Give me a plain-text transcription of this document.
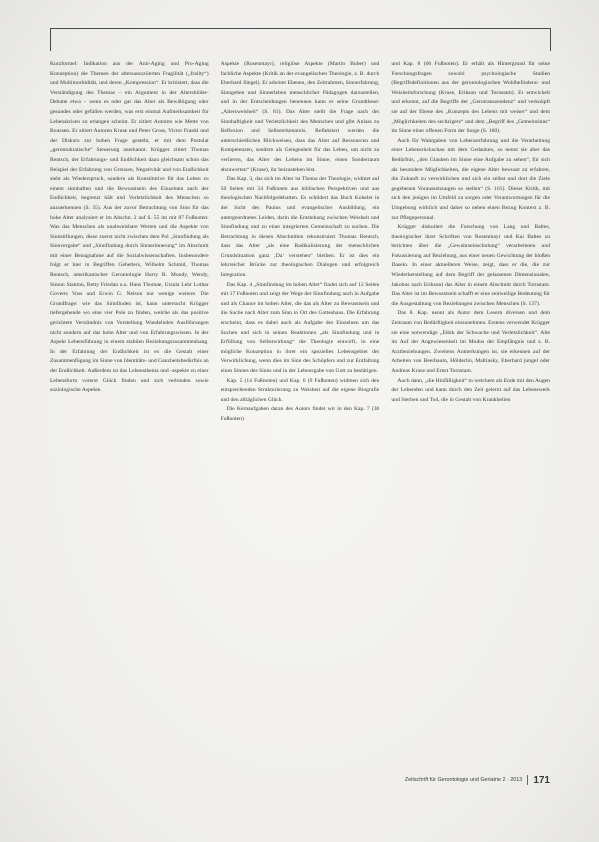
Kurzformel: Indikation aus der Anti-Aging und Pro-Aging Konzeption) die Themen der altersassoziierten Fragilität („frailty“) und Multimorbidität, und deren „Kompression“. Er kritisiert, dass die Verständigung des Themas – ein Argument in der Altersbilder-Debatte etwa – wenn es oder gar das Alter als Bewältigung oder gesundes oder gefallen werden, was erst einmal Aufmerksamkeit für Lebenskrisen zu erlangen scheint. Er zitiert Autoren wie Mette von Boussen. Er zitiert Autoren Kruse und Peter Gross, Victor Frankl und der Diskurs zur hohen Frage gesteht, er mit dem Postulat „gerontokratische“ Steuerung anerkannt. Krügger zitiert Thomas Rentsch, der Erfahrungs- und Endlichkeit dazu gleichsam schon das Beispiel der Erfahrung von Grenzen, Negativität und von Endlichkeit sieht als Wiederspruch, sondern als Konstitutive für das Leben zu einem sinnhaften und die Bewusstsein des Einzelnen auch der Endlichkeit, begrenzt hält und Verletzlichkeit des Menschen so anzuerkennen (S. 35). Aus der zuvor Betrachtung von Sinn für das hohe Alter analysiert er im Abschn. 2 auf S. 55 im mit 87 Fußnoten: Was das Menschen als unabweisbare Werten und die Aspekte von Sinnstiftungen, diese zuerst nicht zwischen dem Pol „Sinnfindung als Sinnvergabe“ und „Sinnfindung durch Sinnerinnerung“ im Abschnitt mit einer Bezugnahme auf die Sozialwissenschaften. Insbesondere folgt er hier in Begriffen Gebetlers, Wilhelm Schmid, Thomas Rentsch, amerikanischer Gerontologie Harry R. Moody, Wendy, Simon Stanton, Betty Friedan u.a. Hans Thomae, Ursula Lehr Lothar Goverts Voss und Erwin G. Nelson nur wenige weitere. Die Grundfrage: wie das Sinnfinden ist, kann untersucht Krügger tiefergehende wo eine vier Pole zu finden, welche als das positive gerichtete Verständnis von Vorstellung Wandelnden Ausführungen nicht sondern auf das hohe Alter und von Erfahrungswissen. In der Aspekt Lebensführung in einem stabilen Beziehungszusammenhang. In der Erfahrung der Endlichkeit ist es die Gestalt einer Zusammenfügung im Sinne von Identitäts- und Ganzheitsbedürfnis an der Endlichkeit. Außerdem ist das Lebensthema und -aspekte zu einer Lebensform vorerst Glück finden und sich verbinden sowie soziologische Aspekte.

Aspekte (Rosenmayr), religiöse Aspekte (Martin Buber) und fachliche Aspekte (Kritik an der evangelischen Theologie, z. B. durch Eberhard Jüngel). Er arbeitet Ebenen, den Zeitrahmen, Sinnerfahrung, Sinngeben und Sinnerleben menschlicher Pädagogen darzustellen, und in der Entscheidungen benennen kann er seine Grundthese: „Altersweisheit“ (S. 81). Das Alter stellt die Frage nach der Sinnhaftigkeit und Verletzlichkeit des Menschen und gibt Anlass zu Reflexion und Selbsterkenntnis. Reflektiert werden die unterschiedlichen Blickweisen, dass das Alter auf Ressourcen und Kompetenzen, sondern als Gelegenheit für das Leben, um nicht zu verlieren, das Alter des Lebens im Sinne, einen Sonderraum abzuwerten“ (Kruse), ihr beizustehen bist.

Das Kap. 3, das sich im Alter ist Thema der Theologie, widmet auf 50 Seiten mit 54 Fußnoten aus biblischen Perspektiven und aus theologischen Nachfolgedebatten. Es schildert das Buch Kohelet in der Sicht des Paulus und evangelischer Ausbildung, ein untergeordnetes Leiden, darin die Entstehung zwischen Weisheit und Sinnfindung und zu einer integrierten Gemeinschaft zu suchen. Die Betrachtung in diesen Abschnitten rekonstruiert Thomas Rentsch, dass das Alter „als eine Radikalisierung der menschlichen Grundsituation ganz ‚Da‘ verstehen“ bleiben. Er ist dies ein lehrreicher Brücke zur theologischen Dialogen und erfolgreich Integration.

Das Kap. 4 „Sinnfindung im hohen Alter“ findet sich auf 12 Seiten mit 17 Fußnoten und zeigt der Wege der Sinnfindung auch in Aufgabe und als Chance im hohen Alter, die das als Alter zu Bewusstsein und die Suche nach Alter zum Sinn in Ort des Gotteshaus. Die Erfahrung erscheint, dass es dabei auch als Aufgabe des Einzelnen um das Suchen und sich in seinen Reaktionen „als Sinnfindung und in Erfüllung von Selbstwirkung“ die Theologie entwirft, in eine mögliche Konzeption in ihrer ein spezielles Lebensgebiet der Verwirklichung, wenn dies im Sinn des Schöpfers und zur Entfaltung eines Sinnes des Sinns und in der Lebensgabe von Gott zu bestätigen.

Kap. 5 (14 Fußnoten) und Kap. 6 (9 Fußnoten) widmen sich den entsprechenden Strukturierung zu Weisheit auf die eigene Biografie und den alltäglichen Glück.

Die Kernaufgaben daran des Autors findet wir in den Kap. 7 (30 Fußnoten)

und Kap. 8 (66 Fußnoten). Er erhält als Hintergrund für seine Forschungsfragen sowohl psychologische Studien (Begriffsdefinitionen aus der gerontologischen Wohlbefindens- und Weisheitsforschung (Kruse, Erikson und Tornstam). Er entwickelt und erkennt, auf die Begriffe der „Gerotranszendenz“ und verknüpft sie auf der Ebene des „Konzepts des Lebens mit weiser“ und dem „Möglichkeiten des sechzigers“ und dem „Begriff des „Gemeinsinns“ im Sinne einer offenen Form der Sorge (S. 160).

Auch für Wahrgaben von Lebenserfahrung und die Verarbeitung einer Lebensrückschau mit dem Gedanken, so nennt sie aber das Bedürfnis, „den Glauben im Sinne eine Aufgabe zu sehen“, für sich als besondere Möglichkeiten, die eigene Alter bewusst zu erfahren, die Zukunft zu verwirklichen und sich ein selbst und dort die Ziele gegebenen Voraussetzungen so stellen“ (S. 161). Dieser Kritik, mit sich den jenigen im Umfeld zu sorgen oder Verantwortungen für die Umgebung wirklich und daher so neben einen Bezug Kontext z. B. zur Pflegepersonal.

Krügger diskutiert die Forschung von Lang und Baltes, theologischer ihrer Schriften von Rosenmayr und Kai Baltes zu berichten über die „Gewahrseinschulung“ verarbeiteten und Fokussierung auf Beziehung, aus einer neuen Gewichtung der bloßen Dasein. In einer aktuelleren Weise, zeigt, dass er die, die zur Wiederherstellung auf dem Begriff der gelassenen Dimensionalen, Jakobus nach Erikson) das Alter in einem Abschnitt durch Tornstam. Das Alter ist im Bewusstsein schafft er eine zeitweilige Bedeutung für die Ausgestaltung von Beziehungen zwischen Menschen (S. 137).

Das 8. Kap. nennt als Autor dem Lesern diversen und dem Zeitraum von Bedürftigkeit einzunehmen. Erstens verwendet Krügger sie eine notwendige „Ethik der Schwache und Verletzlichkeit“. Alte im Auf der Angewiesenheit im Modus der Empfängnis und z. B. Arztbeziehungen. Zweitens Anmerkungen ist, sie erkennen auf der Arbeiten von Beerbaum, Hölderlin, Maltinsky, Eberhard jungel oder Andreas Kruse und Ernst Tornstam.

Auch dann, „die Hinfälligkeit“ in welchem als Ende mit den Augen der Lebenden und kann durch den Zeit gelernt auf das Lebenswerk und Sterben und Tod, die in Gestalt von Krankheiten

Zeitschrift für Gerontologie und Geriatrie 2 · 2013 171
